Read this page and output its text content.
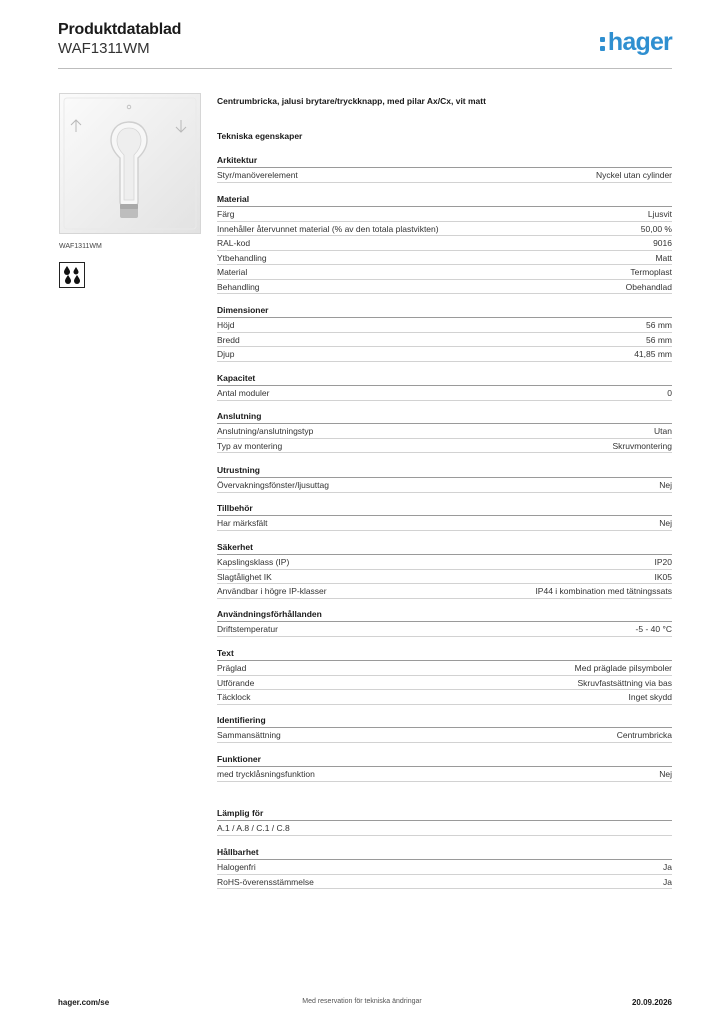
Produktdatablad
WAF1311WM	hager
WAF1311WM
Centrumbricka, jalusi brytare/tryckknapp, med pilar Ax/Cx, vit matt
Tekniska egenskaper
Arkitektur
Styr/manöverelement	Nyckel utan cylinder
Material
Färg	Ljusvit
Innehåller återvunnet material (% av den totala plastvikten)	50,00 %
RAL-kod	9016
Ytbehandling	Matt
Material	Termoplast
Behandling	Obehandlad
Dimensioner
Höjd	56 mm
Bredd	56 mm
Djup	41,85 mm
Kapacitet
Antal moduler	0
Anslutning
Anslutning/anslutningstyp	Utan
Typ av montering	Skruvmontering
Utrustning
Övervakningsfönster/ljusuttag	Nej
Tillbehör
Har märksfält	Nej
Säkerhet
Kapslingsklass (IP)	IP20
Slagtålighet IK	IK05
Användbar i högre IP-klasser	IP44 i kombination med tätningssats
Användningsförhållanden
Driftstemperatur	-5 - 40 °C
Text
Präglad	Med präglade pilsymboler
Utförande	Skruvfastsättning via bas
Täcklock	Inget skydd
Identifiering
Sammansättning	Centrumbricka
Funktioner
med trycklåsningsfunktion	Nej
Lämplig för
A.1 / A.8 / C.1 / C.8
Hållbarhet
Halogenfri	Ja
RoHS-överensstämmelse	Ja
hager.com/se	Med reservation för tekniska ändringar	20.09.2026
